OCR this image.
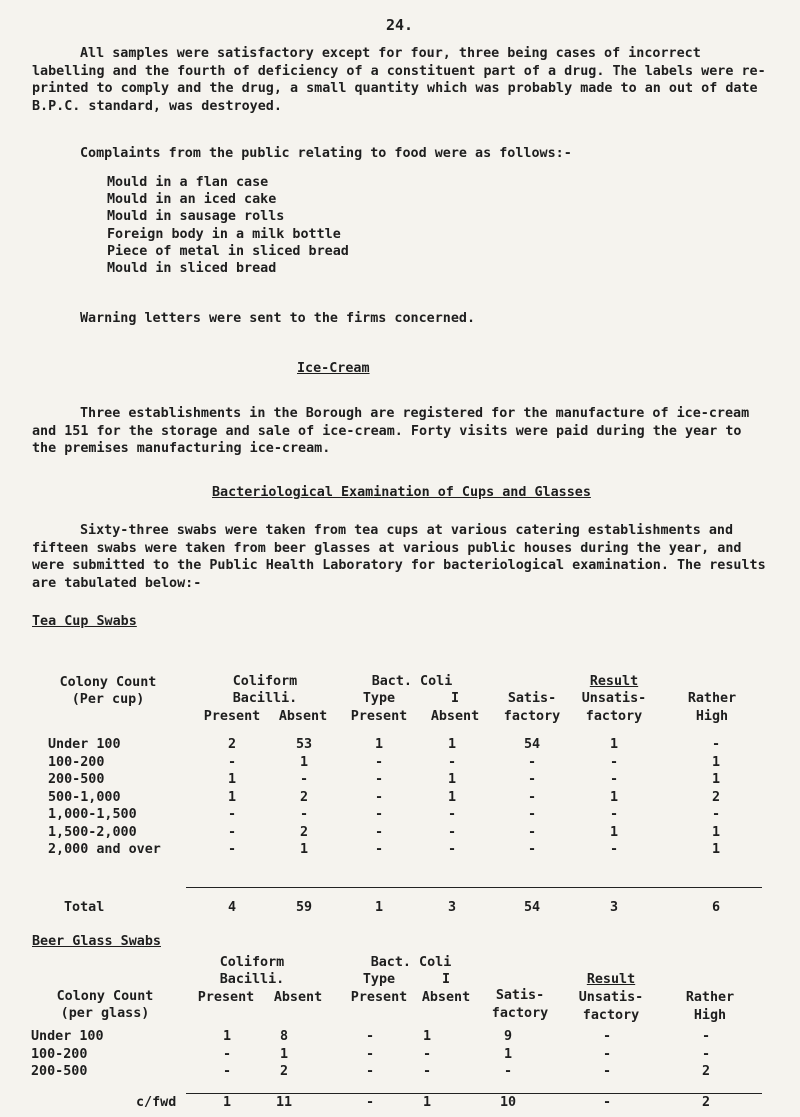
24.

All samples were satisfactory except for four, three being cases of incorrect labelling and the fourth of deficiency of a constituent part of a drug. The labels were re-printed to comply and the drug, a small quantity which was probably made to an out of date B.P.C. standard, was destroyed.

Complaints from the public relating to food were as follows:-

Mould in a flan case
Mould in an iced cake
Mould in sausage rolls
Foreign body in a milk bottle
Piece of metal in sliced bread
Mould in sliced bread

Warning letters were sent to the firms concerned.

Ice-Cream

Three establishments in the Borough are registered for the manufacture of ice-cream and 151 for the storage and sale of ice-cream. Forty visits were paid during the year to the premises manufacturing ice-cream.

Bacteriological Examination of Cups and Glasses

Sixty-three swabs were taken from tea cups at various catering establishments and fifteen swabs were taken from beer glasses at various public houses during the year, and were submitted to the Public Health Laboratory for bacteriological examination. The results are tabulated below:-

Tea Cup Swabs
Colony Count
(Per cup)
Coliform
Bacilli.
Present Absent
Bact. Coli
Type	I
Present Absent
Satis-
factory
Result
Unsatis-
factory
Rather
High
Under 100	2	53	1	1	54	1	-
100-200	-	1	-	-	-	-	1
200-500	1	-	-	1	-	-	1
500-1,000	1	2	-	1	-	1	2
1,000-1,500	-	-	-	-	-	-	-
1,500-2,000	-	2	-	-	-	1	1
2,000 and over	-	1	-	-	-	-	1
Total	4	59	1	3	54	3	6
Beer Glass Swabs
Colony Count
(per glass)
Coliform
Bacilli.
Present Absent
Bact. Coli
Type	I
Present Absent Satis-
factory
Result
Unsatis-
factory
Rather
High
Under 100	1	8	-	1	9	-	-
100-200	-	1	-	-	1	-	-
200-500	-	2	-	-	-	-	2
c/fwd	1	11	-	1	10	-	2
